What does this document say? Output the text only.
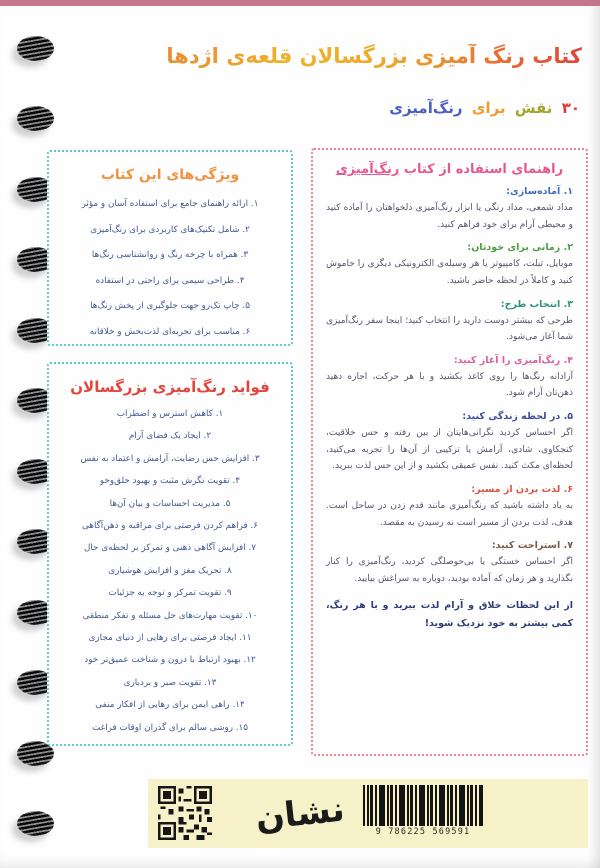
کتاب رنگ آمیزی بزرگسالان قلعه‌ی اژدها
۳۰ نقش برای رنگ‌آمیزی
راهنمای استفاده از کتاب رنگ‌آمیزی
۱. آماده‌سازی:

مداد شمعی، مداد رنگی یا ابزار رنگ‌آمیزی دلخواهتان را آماده کنید و محیطی آرام برای خود فراهم کنید.

۲. زمانی برای خودتان:

موبایل، تبلت، کامپیوتر یا هر وسیله‌ی الکترونیکی دیگری را خاموش کنید و کاملاً در لحظه حاضر باشید.

۳. انتخاب طرح:

طرحی که بیشتر دوست دارید را انتخاب کنید؛ اینجا سفر رنگ‌آمیزی شما آغاز می‌شود.

۴. رنگ‌آمیزی را آغاز کنید:

آزادانه رنگ‌ها را روی کاغذ بکشید و با هر حرکت، اجازه دهید ذهن‌تان آرام شود.

۵. در لحظه زندگی کنید:

اگر احساس کردید نگرانی‌هایتان از بین رفته و حس خلاقیت، کنجکاوی، شادی، آرامش یا ترکیبی از آن‌ها را تجربه می‌کنید، لحظه‌ای مکث کنید. نفس عمیقی بکشید و از این حس لذت ببرید.

۶. لذت بردن از مسیر:

به یاد داشته باشید که رنگ‌آمیزی مانند قدم زدن در ساحل است. هدف، لذت بردن از مسیر است نه رسیدن به مقصد.

۷. استراحت کنید:

اگر احساس خستگی یا بی‌حوصلگی کردید، رنگ‌آمیزی را کنار بگذارید و هر زمان که آماده بودید، دوباره به سراغش بیایید.

از این لحظات خلاق و آرام لذت ببرید و با هر رنگ، کمی بیشتر به خود نزدیک شوید!

ویژگی‌های این کتاب
۱. ارائه راهنمای جامع برای استفاده آسان و مؤثر
۲. شامل تکنیک‌های کاربردی برای رنگ‌آمیزی
۳. همراه با چرخه رنگ و روانشناسی رنگ‌ها
۴. طراحی سیمی برای راحتی در استفاده
۵. چاپ تک‌رو جهت جلوگیری از پخش رنگ‌ها
۶. مناسب برای تجربه‌ای لذت‌بخش و خلاقانه
فواید رنگ‌آمیزی بزرگسالان
۱. کاهش استرس و اضطراب
۲. ایجاد یک فضای آرام
۳. افزایش حس رضایت، آرامش و اعتماد به نفس
۴. تقویت نگرش مثبت و بهبود خلق‌وخو
۵. مدیریت احساسات و بیان آن‌ها
۶. فراهم کردن فرصتی برای مراقبه و ذهن‌آگاهی
۷. افزایش آگاهی ذهنی و تمرکز بر لحظه‌ی حال
۸. تحریک مغز و افزایش هوشیاری
۹. تقویت تمرکز و توجه به جزئیات
۱۰. تقویت مهارت‌های حل مسئله و تفکر منطقی
۱۱. ایجاد فرصتی برای رهایی از دنیای مجازی
۱۲. بهبود ارتباط با درون و شناخت عمیق‌تر خود
۱۳. تقویت صبر و بردباری
۱۴. راهی ایمن برای رهایی از افکار منفی
۱۵. روشی سالم برای گذران اوقات فراغت
نشان	9 786225 569591
